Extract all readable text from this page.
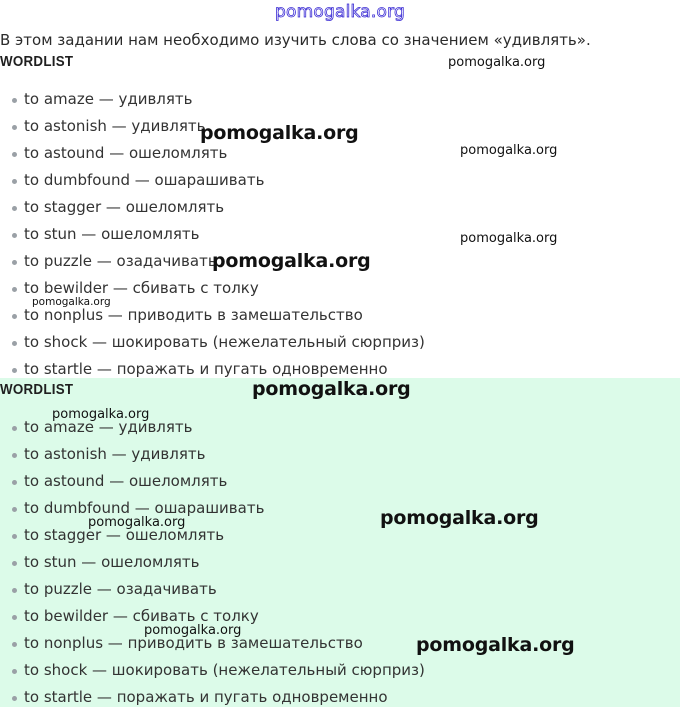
pomogalka.org
В этом задании нам необходимо изучить слова со значением «удивлять».
WORDLIST
to amaze — удивлять
to astonish — удивлять
to astound — ошеломлять
to dumbfound — ошарашивать
to stagger — ошеломлять
to stun — ошеломлять
to puzzle — озадачивать
to bewilder — сбивать с толку
to nonplus — приводить в замешательство
to shock — шокировать (нежелательный сюрприз)
to startle — поражать и пугать одновременно
WORDLIST
to amaze — удивлять
to astonish — удивлять
to astound — ошеломлять
to dumbfound — ошарашивать
to stagger — ошеломлять
to stun — ошеломлять
to puzzle — озадачивать
to bewilder — сбивать с толку
to nonplus — приводить в замешательство
to shock — шокировать (нежелательный сюрприз)
to startle — поражать и пугать одновременно
pomogalka.org
pomogalka.org
pomogalka.org
pomogalka.org
pomogalka.org
pomogalka.org
pomogalka.org
pomogalka.org
pomogalka.org
pomogalka.org
pomogalka.org
pomogalka.org
